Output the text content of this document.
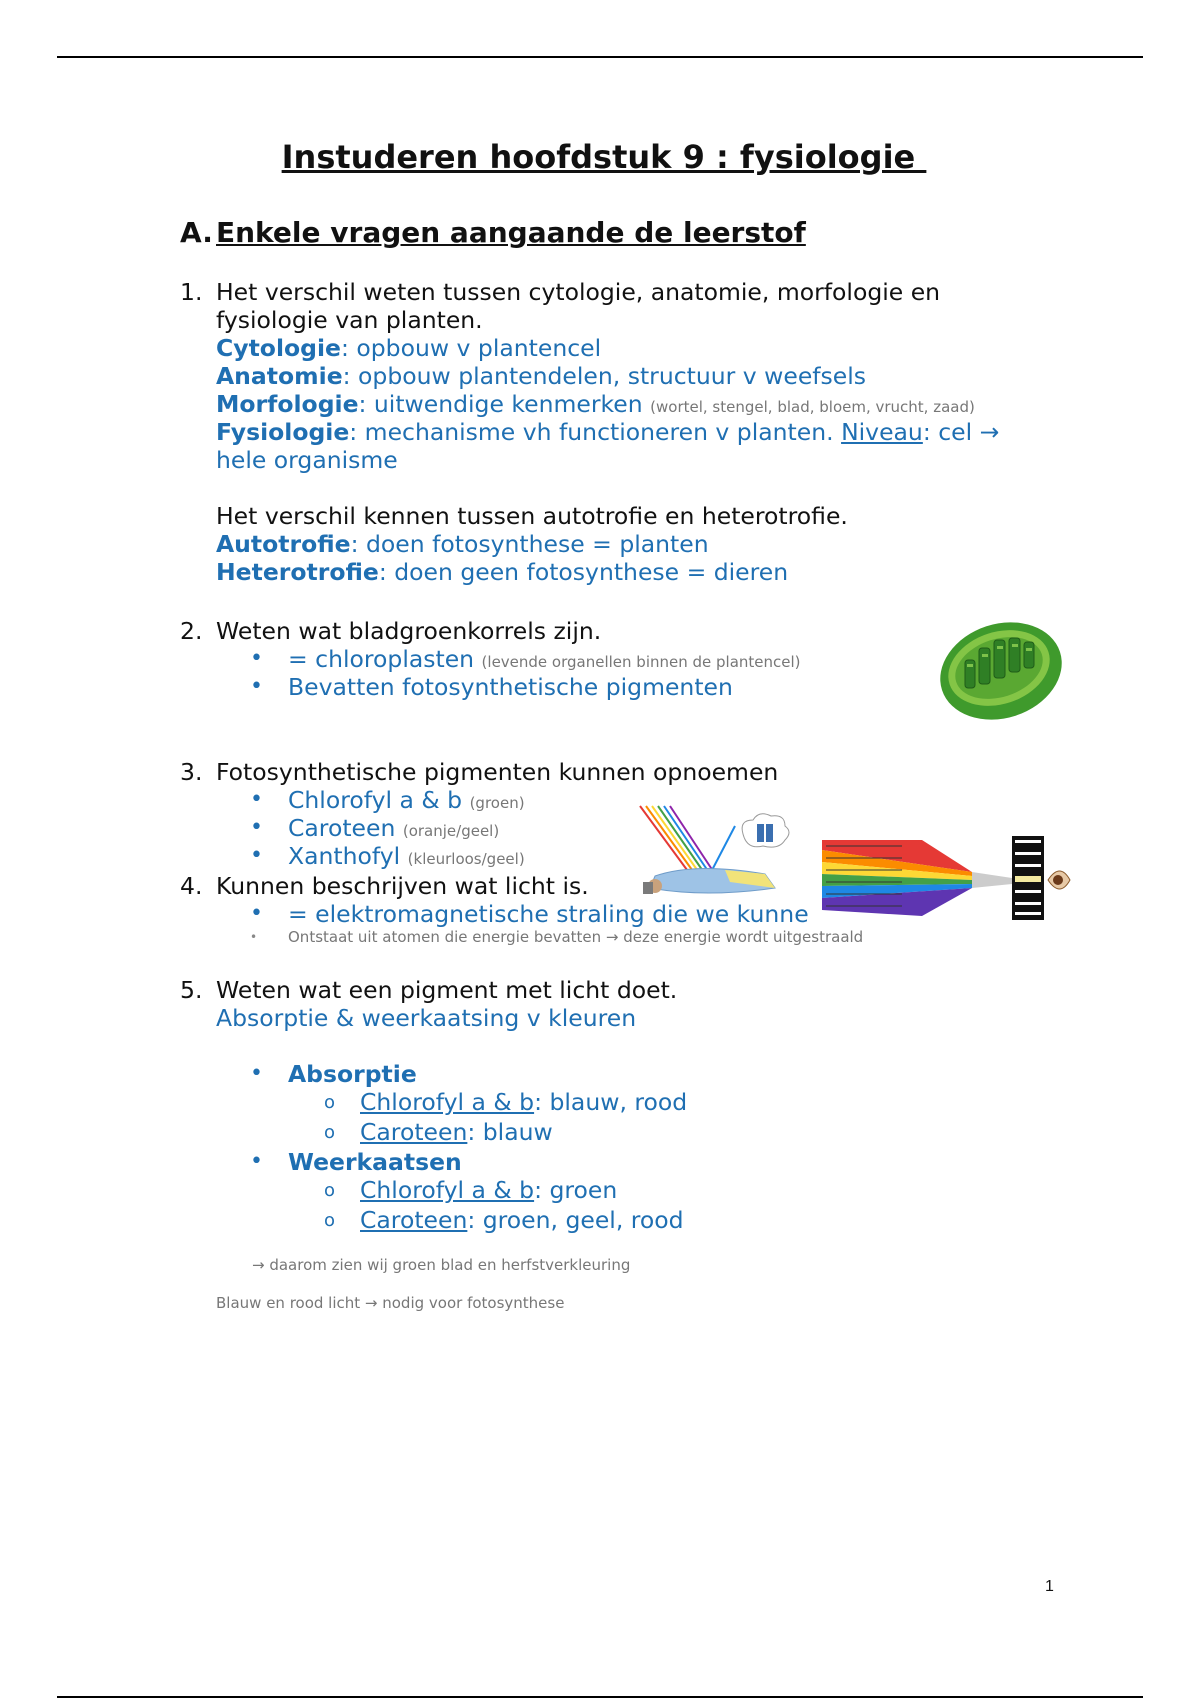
Instuderen hoofdstuk 9 : fysiologie
A. Enkele vragen aangaande de leerstof
1. Het verschil weten tussen cytologie, anatomie, morfologie en
fysiologie van planten.
Cytologie: opbouw v plantencel
Anatomie: opbouw plantendelen, structuur v weefsels
Morfologie: uitwendige kenmerken (wortel, stengel, blad, bloem, vrucht, zaad)
Fysiologie: mechanisme vh functioneren v planten. Niveau: cel →
hele organisme
Het verschil kennen tussen autotrofie en heterotrofie.
Autotrofie: doen fotosynthese = planten
Heterotrofie: doen geen fotosynthese = dieren
2. Weten wat bladgroenkorrels zijn.
• = chloroplasten (levende organellen binnen de plantencel)
• Bevatten fotosynthetische pigmenten
3. Fotosynthetische pigmenten kunnen opnoemen
• Chlorofyl a & b (groen)
• Caroteen (oranje/geel)
• Xanthofyl (kleurloos/geel)
4. Kunnen beschrijven wat licht is.
• = elektromagnetische straling die we kunne
• Ontstaat uit atomen die energie bevatten → deze energie wordt uitgestraald
5. Weten wat een pigment met licht doet.
Absorptie & weerkaatsing v kleuren
• Absorptie
o Chlorofyl a & b: blauw, rood
o Caroteen: blauw
• Weerkaatsen
o Chlorofyl a & b: groen
o Caroteen: groen, geel, rood
→ daarom zien wij groen blad en herfstverkleuring
Blauw en rood licht → nodig voor fotosynthese
1
